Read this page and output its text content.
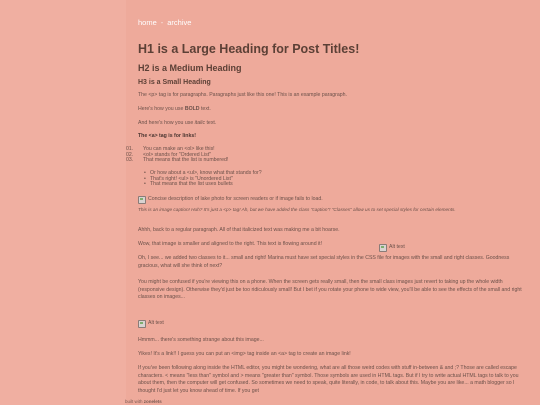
home - archive
H1 is a Large Heading for Post Titles!
H2 is a Medium Heading
H3 is a Small Heading

The <p> tag is for paragraphs. Paragraphs just like this one! This is an example paragraph.

Here's how you use BOLD text.

And here's how you use italic text.

The <a> tag is for links!

01. You can make an <ol> like this!
02. <ol> stands for "Ordered List"
03. That means that the list is numbered!
• Or how about a <ul>, know what that stands for?
• That's right! <ul> is "Unordered List"
• That means that the list uses bullets
Concise description of lake photo for screen readers or if image fails to load.

This is an image caption! Huh? It's just a <p> tag! Ah, but we have added the class "caption"! "Classes" allow us to set special styles for certain elements.

Ahhh, back to a regular paragraph. All of that italicized text was making me a bit hoarse.

Wow, that image is smaller and aligned to the right. This text is flowing around it!

Alt text

Oh, I see... we added two classes to it... small and right! Marina must have set special styles in the CSS file for images with the small and right classes. Goodness gracious, what will she think of next?

You might be confused if you're viewing this on a phone. When the screen gets really small, then the small class images just revert to taking up the whole width (responsive design). Otherwise they'd just be too ridiculously small! But I bet if you rotate your phone to wide view, you'll be able to see the effects of the small and right classes on images...

Alt text

Hmmm... there's something strange about this image...

Yikes! It's a link!! I guess you can put an <img> tag inside an <a> tag to create an image link!

If you've been following along inside the HTML editor, you might be wondering, what are all those weird codes with stuff in-between & and ;? Those are called escape characters. < means "less than" symbol and > means "greater than" symbol. Those symbols are used in HTML tags. But if I try to write actual HTML tags to talk to you about them, then the computer will get confused. So sometimes we need to speak, quite literally, in code, to talk about this. Maybe you are like... a math blogger so I thought I'd just let you know ahead of time. If you get

built with zonelets
